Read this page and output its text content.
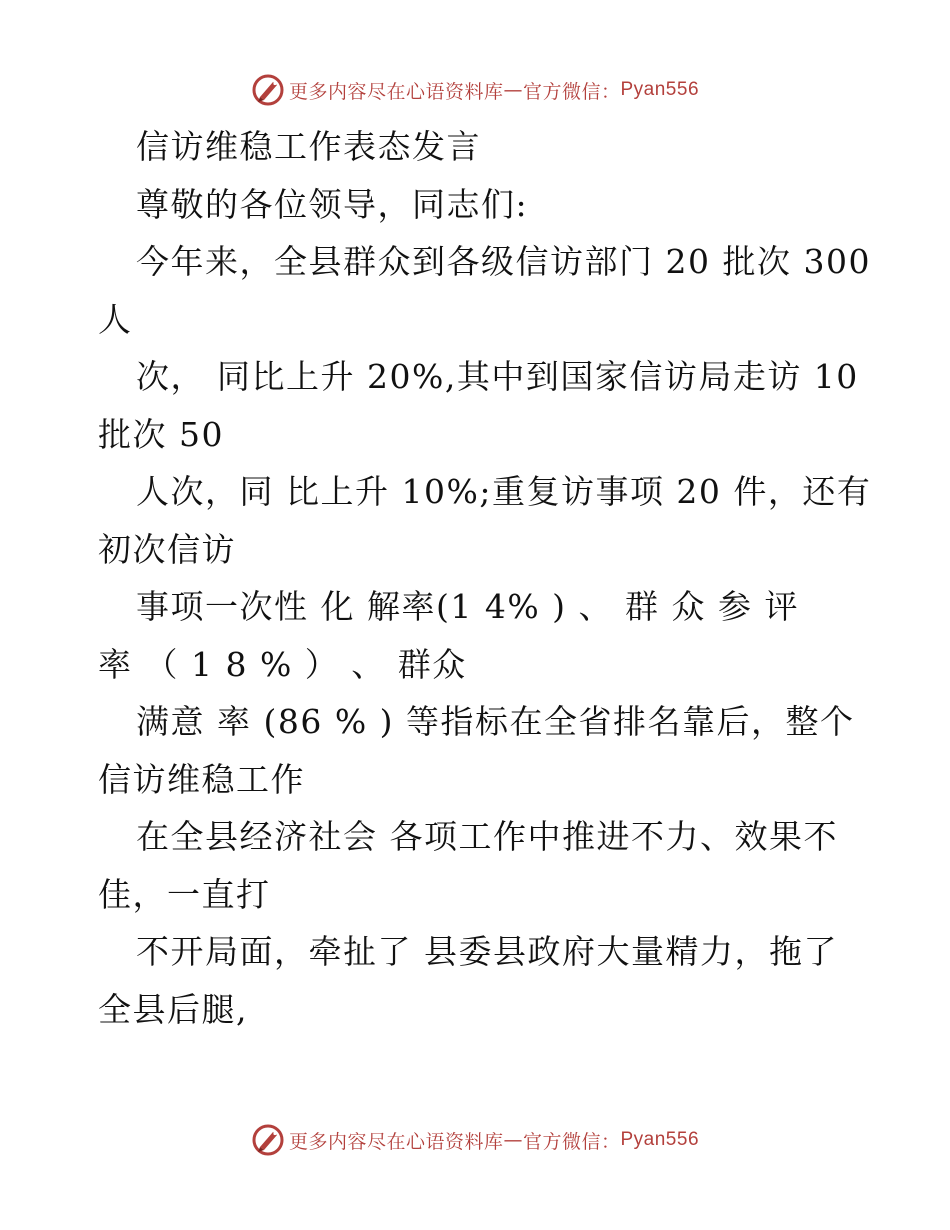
更多内容尽在心语资料库 — 官方微信： Pyan556
信访维稳工作表态发言
尊敬的各位领导，同志们:
今年来，全县群众到各级信访部门 20 批次 300
人
次， 同比上升 20%,其中到国家信访局走访 10
批次 50
人次，同 比上升 10%;重复访事项 20 件，还有
初次信访
事项一次性 化 解率(1 4% ) 、 群 众 参 评
率 （ 1 8 % ） 、 群众
满意 率 (86 % ) 等指标在全省排名靠后，整个
信访维稳工作
在全县经济社会 各项工作中推进不力、效果不
佳，一直打
不开局面，牵扯了 县委县政府大量精力，拖了
全县后腿,
更多内容尽在心语资料库 — 官方微信： Pyan556
